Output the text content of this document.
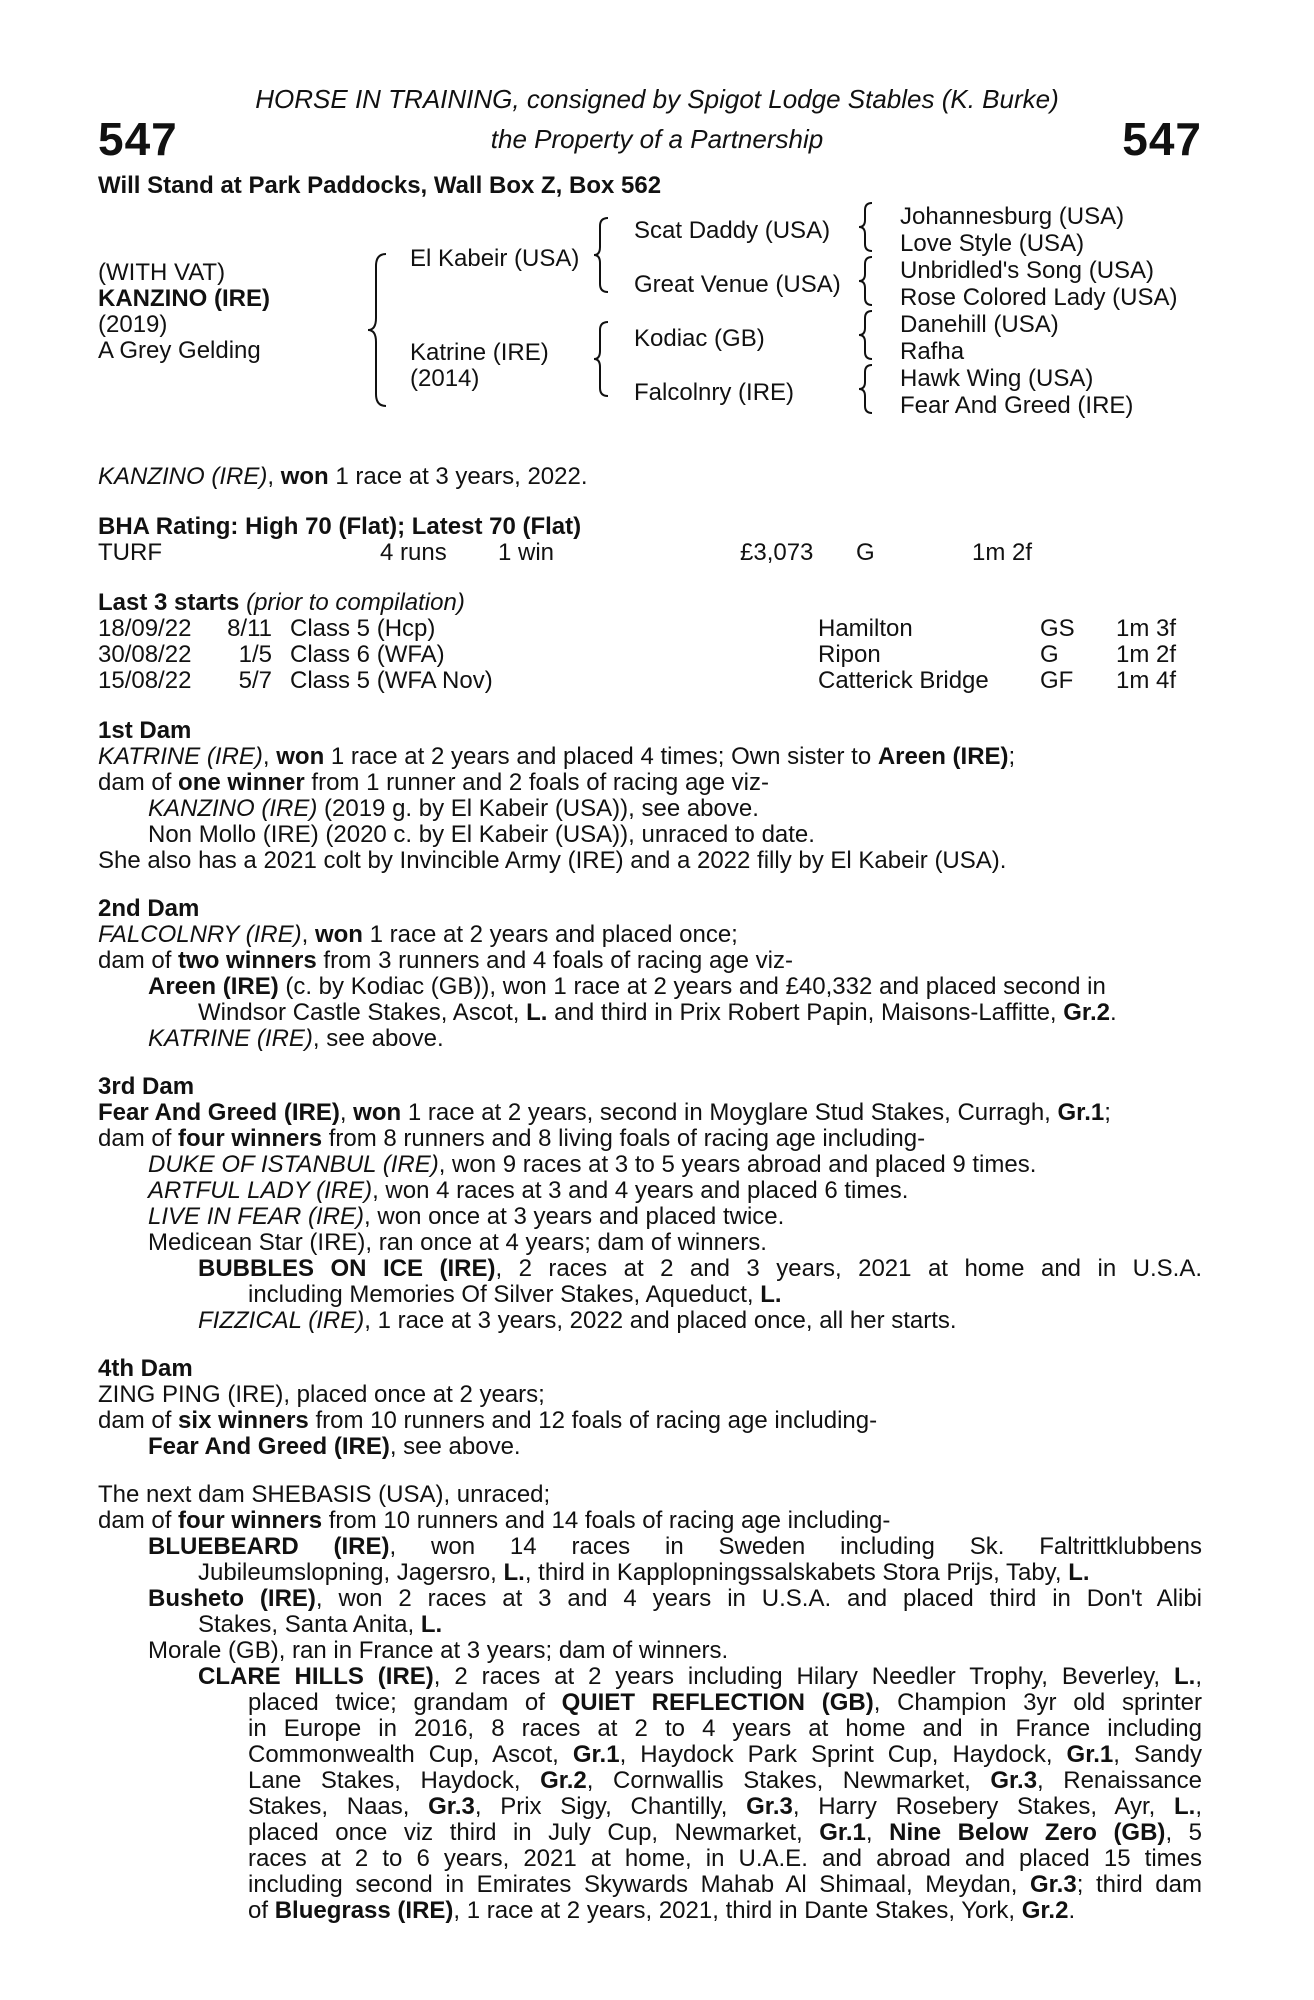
547	547
HORSE IN TRAINING, consigned by Spigot Lodge Stables (K. Burke)
the Property of a Partnership
Will Stand at Park Paddocks, Wall Box Z, Box 562
(WITH VAT)
KANZINO (IRE)
(2019)
A Grey Gelding
El Kabeir (USA)
Katrine (IRE)
(2014)
Scat Daddy (USA)
Great Venue (USA)
Kodiac (GB)
Falcolnry (IRE)
Johannesburg (USA)
Love Style (USA)
Unbridled's Song (USA)
Rose Colored Lady (USA)
Danehill (USA)
Rafha
Hawk Wing (USA)
Fear And Greed (IRE)
KANZINO (IRE), won 1 race at 3 years, 2022.
BHA Rating: High 70 (Flat); Latest 70 (Flat)
TURF	4 runs 1 win	£3,073 G	1m 2f
Last 3 starts (prior to compilation)
18/09/22 8/11 Class 5 (Hcp)	Hamilton	GS 1m 3f
30/08/22	1/5 Class 6 (WFA)	Ripon	G 1m 2f
15/08/22	5/7 Class 5 (WFA Nov)	Catterick Bridge GF 1m 4f
1st Dam
KATRINE (IRE), won 1 race at 2 years and placed 4 times; Own sister to Areen (IRE);
dam of one winner from 1 runner and 2 foals of racing age viz-
KANZINO (IRE) (2019 g. by El Kabeir (USA)), see above.
Non Mollo (IRE) (2020 c. by El Kabeir (USA)), unraced to date.
She also has a 2021 colt by Invincible Army (IRE) and a 2022 filly by El Kabeir (USA).
2nd Dam
FALCOLNRY (IRE), won 1 race at 2 years and placed once;
dam of two winners from 3 runners and 4 foals of racing age viz-
Areen (IRE) (c. by Kodiac (GB)), won 1 race at 2 years and £40,332 and placed second in
Windsor Castle Stakes, Ascot, L. and third in Prix Robert Papin, Maisons-Laffitte, Gr.2.
KATRINE (IRE), see above.
3rd Dam
Fear And Greed (IRE), won 1 race at 2 years, second in Moyglare Stud Stakes, Curragh, Gr.1;
dam of four winners from 8 runners and 8 living foals of racing age including-
DUKE OF ISTANBUL (IRE), won 9 races at 3 to 5 years abroad and placed 9 times.
ARTFUL LADY (IRE), won 4 races at 3 and 4 years and placed 6 times.
LIVE IN FEAR (IRE), won once at 3 years and placed twice.
Medicean Star (IRE), ran once at 4 years; dam of winners.
BUBBLES ON ICE (IRE), 2 races at 2 and 3 years, 2021 at home and in U.S.A.
including Memories Of Silver Stakes, Aqueduct, L.
FIZZICAL (IRE), 1 race at 3 years, 2022 and placed once, all her starts.
4th Dam
ZING PING (IRE), placed once at 2 years;
dam of six winners from 10 runners and 12 foals of racing age including-
Fear And Greed (IRE), see above.
The next dam SHEBASIS (USA), unraced;
dam of four winners from 10 runners and 14 foals of racing age including-
BLUEBEARD (IRE), won 14 races in Sweden including Sk. Faltrittklubbens
Jubileumslopning, Jagersro, L., third in Kapplopningssalskabets Stora Prijs, Taby, L.
Busheto (IRE), won 2 races at 3 and 4 years in U.S.A. and placed third in Don't Alibi
Stakes, Santa Anita, L.
Morale (GB), ran in France at 3 years; dam of winners.
CLARE HILLS (IRE), 2 races at 2 years including Hilary Needler Trophy, Beverley, L.,
placed twice; grandam of QUIET REFLECTION (GB), Champion 3yr old sprinter
in Europe in 2016, 8 races at 2 to 4 years at home and in France including
Commonwealth Cup, Ascot, Gr.1, Haydock Park Sprint Cup, Haydock, Gr.1, Sandy
Lane Stakes, Haydock, Gr.2, Cornwallis Stakes, Newmarket, Gr.3, Renaissance
Stakes, Naas, Gr.3, Prix Sigy, Chantilly, Gr.3, Harry Rosebery Stakes, Ayr, L.,
placed once viz third in July Cup, Newmarket, Gr.1, Nine Below Zero (GB), 5
races at 2 to 6 years, 2021 at home, in U.A.E. and abroad and placed 15 times
including second in Emirates Skywards Mahab Al Shimaal, Meydan, Gr.3; third dam
of Bluegrass (IRE), 1 race at 2 years, 2021, third in Dante Stakes, York, Gr.2.
